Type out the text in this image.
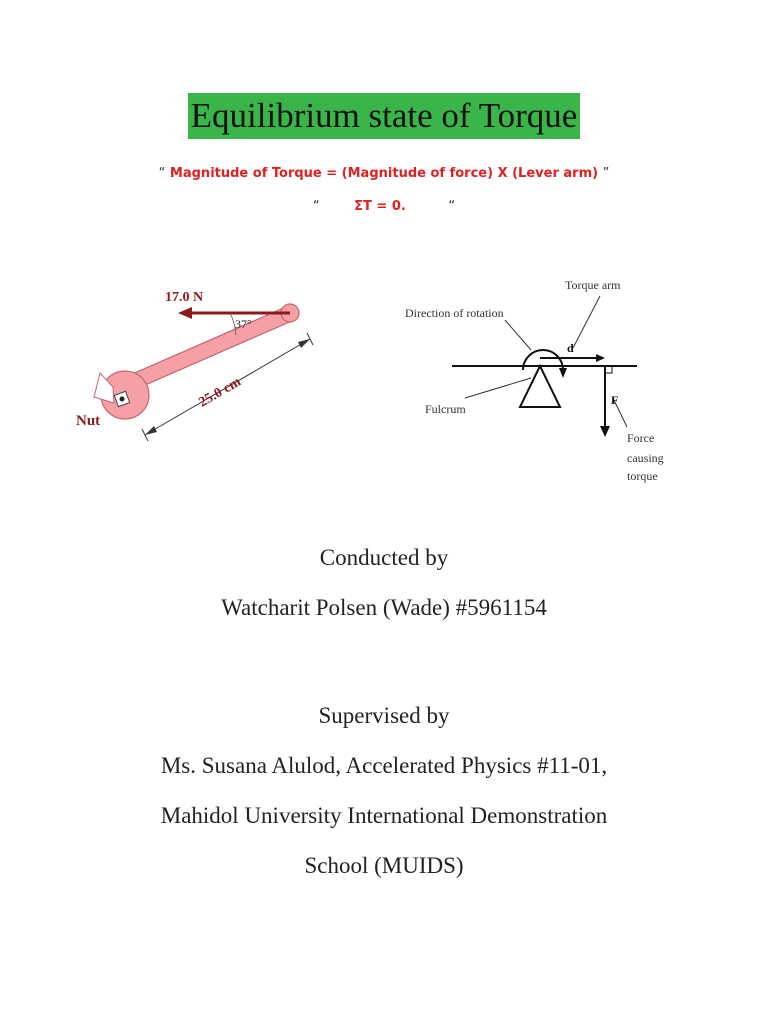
Equilibrium state of Torque
“ Magnitude of Torque = (Magnitude of force) X (Lever arm) ”
“	ΣT = 0.	“
17.0 N
37°
25.0 cm
Nut
Torque arm
Direction of rotation
d
Fulcrum
F
Force
causing
torque
Conducted by
Watcharit Polsen (Wade) #5961154
Supervised by
Ms. Susana Alulod, Accelerated Physics #11-01,
Mahidol University International Demonstration
School (MUIDS)
